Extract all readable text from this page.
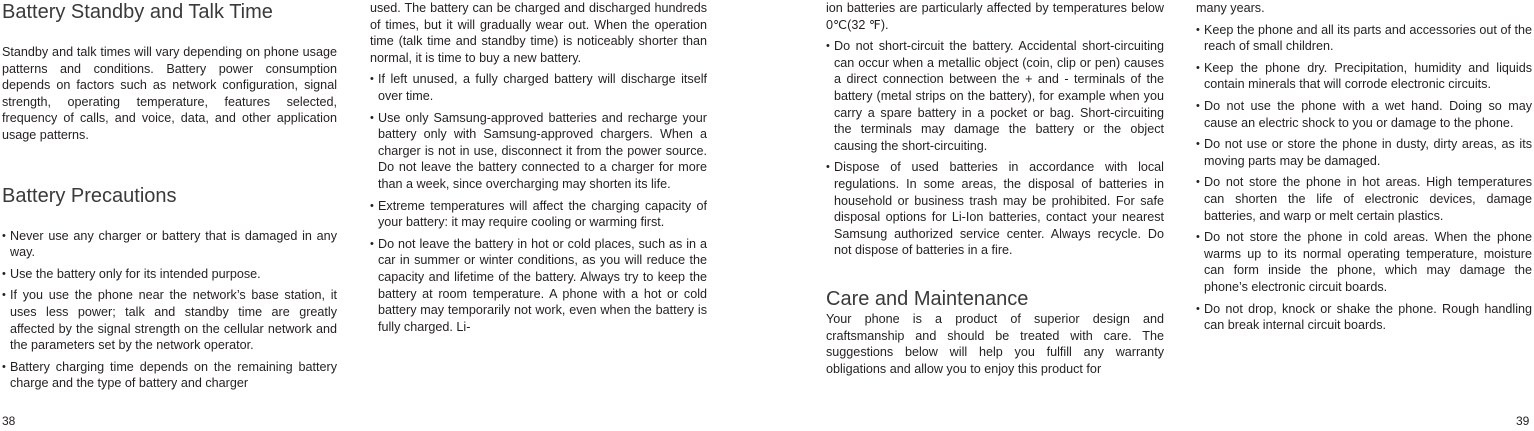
Battery Standby and Talk Time

Standby and talk times will vary depending on phone usage patterns and conditions. Battery power consumption depends on factors such as network configuration, signal strength, operating temperature, features selected, frequency of calls, and voice, data, and other application usage patterns.

Battery Precautions
• Never use any charger or battery that is damaged in any way.
• Use the battery only for its intended purpose.
• If you use the phone near the network’s base station, it uses less power; talk and standby time are greatly affected by the signal strength on the cellular network and the parameters set by the network operator.
• Battery charging time depends on the remaining battery charge and the type of battery and charger

used. The battery can be charged and discharged hundreds of times, but it will gradually wear out. When the operation time (talk time and standby time) is noticeably shorter than normal, it is time to buy a new battery.

• If left unused, a fully charged battery will discharge itself over time.
• Use only Samsung-approved batteries and recharge your battery only with Samsung-approved chargers. When a charger is not in use, disconnect it from the power source. Do not leave the battery connected to a charger for more than a week, since overcharging may shorten its life.
• Extreme temperatures will affect the charging capacity of your battery: it may require cooling or warming first.
• Do not leave the battery in hot or cold places, such as in a car in summer or winter conditions, as you will reduce the capacity and lifetime of the battery. Always try to keep the battery at room temperature. A phone with a hot or cold battery may temporarily not work, even when the battery is fully charged. Li-
38

ion batteries are particularly affected by temperatures below 0℃(32 ℉).

• Do not short-circuit the battery. Accidental short-circuiting can occur when a metallic object (coin, clip or pen) causes a direct connection between the + and - terminals of the battery (metal strips on the battery), for example when you carry a spare battery in a pocket or bag. Short-circuiting the terminals may damage the battery or the object causing the short-circuiting.
• Dispose of used batteries in accordance with local regulations. In some areas, the disposal of batteries in household or business trash may be prohibited. For safe disposal options for Li-Ion batteries, contact your nearest Samsung authorized service center. Always recycle. Do not dispose of batteries in a fire.
Care and Maintenance

Your phone is a product of superior design and craftsmanship and should be treated with care. The suggestions below will help you fulfill any warranty obligations and allow you to enjoy this product for

many years.

• Keep the phone and all its parts and accessories out of the reach of small children.
• Keep the phone dry. Precipitation, humidity and liquids contain minerals that will corrode electronic circuits.
• Do not use the phone with a wet hand. Doing so may cause an electric shock to you or damage to the phone.
• Do not use or store the phone in dusty, dirty areas, as its moving parts may be damaged.
• Do not store the phone in hot areas. High temperatures can shorten the life of electronic devices, damage batteries, and warp or melt certain plastics.
• Do not store the phone in cold areas. When the phone warms up to its normal operating temperature, moisture can form inside the phone, which may damage the phone’s electronic circuit boards.
• Do not drop, knock or shake the phone. Rough handling can break internal circuit boards.
39
